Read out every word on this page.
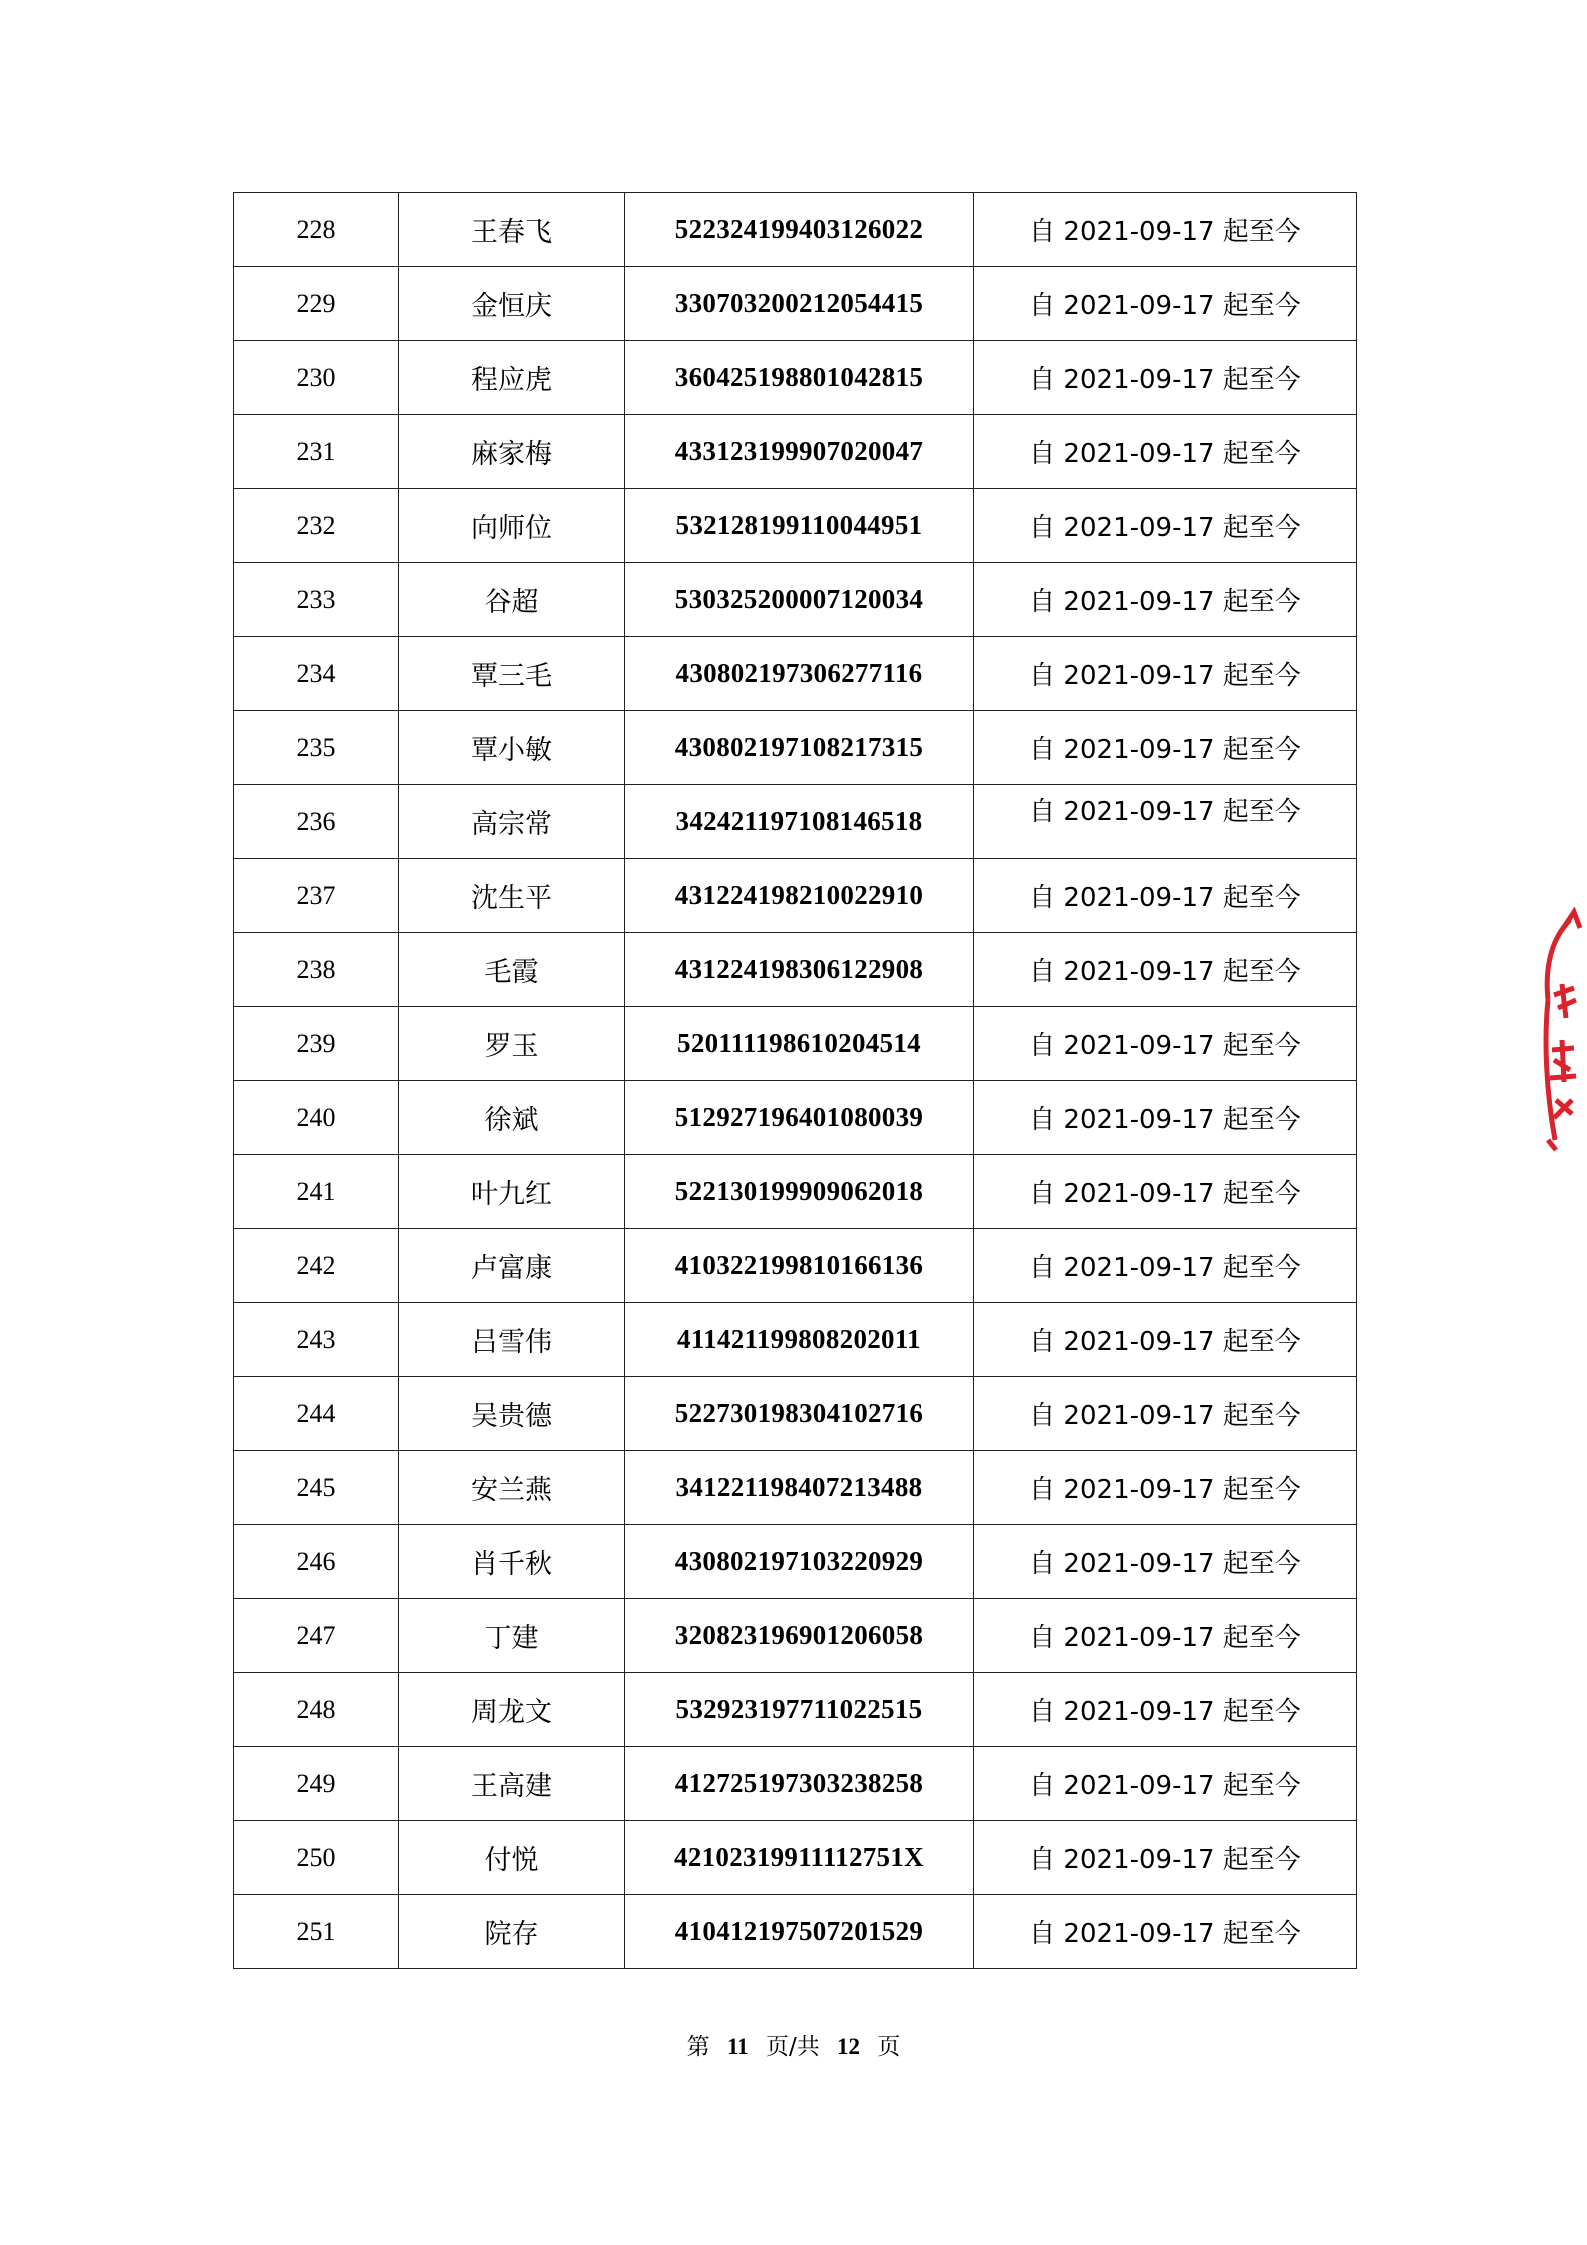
228	王春飞	522324199403126022	自 2021-09-17 起至今
229	金恒庆	330703200212054415	自 2021-09-17 起至今
230	程应虎	360425198801042815	自 2021-09-17 起至今
231	麻家梅	433123199907020047	自 2021-09-17 起至今
232	向师位	532128199110044951	自 2021-09-17 起至今
233	谷超	530325200007120034	自 2021-09-17 起至今
234	覃三毛	430802197306277116	自 2021-09-17 起至今
235	覃小敏	430802197108217315	自 2021-09-17 起至今
236	高宗常	342421197108146518	自 2021-09-17 起至今
237	沈生平	431224198210022910	自 2021-09-17 起至今
238	毛霞	431224198306122908	自 2021-09-17 起至今
239	罗玉	520111198610204514	自 2021-09-17 起至今
240	徐斌	512927196401080039	自 2021-09-17 起至今
241	叶九红	522130199909062018	自 2021-09-17 起至今
242	卢富康	410322199810166136	自 2021-09-17 起至今
243	吕雪伟	411421199808202011	自 2021-09-17 起至今
244	吴贵德	522730198304102716	自 2021-09-17 起至今
245	安兰燕	341221198407213488	自 2021-09-17 起至今
246	肖千秋	430802197103220929	自 2021-09-17 起至今
247	丁建	320823196901206058	自 2021-09-17 起至今
248	周龙文	532923197711022515	自 2021-09-17 起至今
249	王高建	412725197303238258	自 2021-09-17 起至今
250	付悦	42102319911112751X	自 2021-09-17 起至今
251	院存	410412197507201529	自 2021-09-17 起至今
第 11 页/共 12 页
